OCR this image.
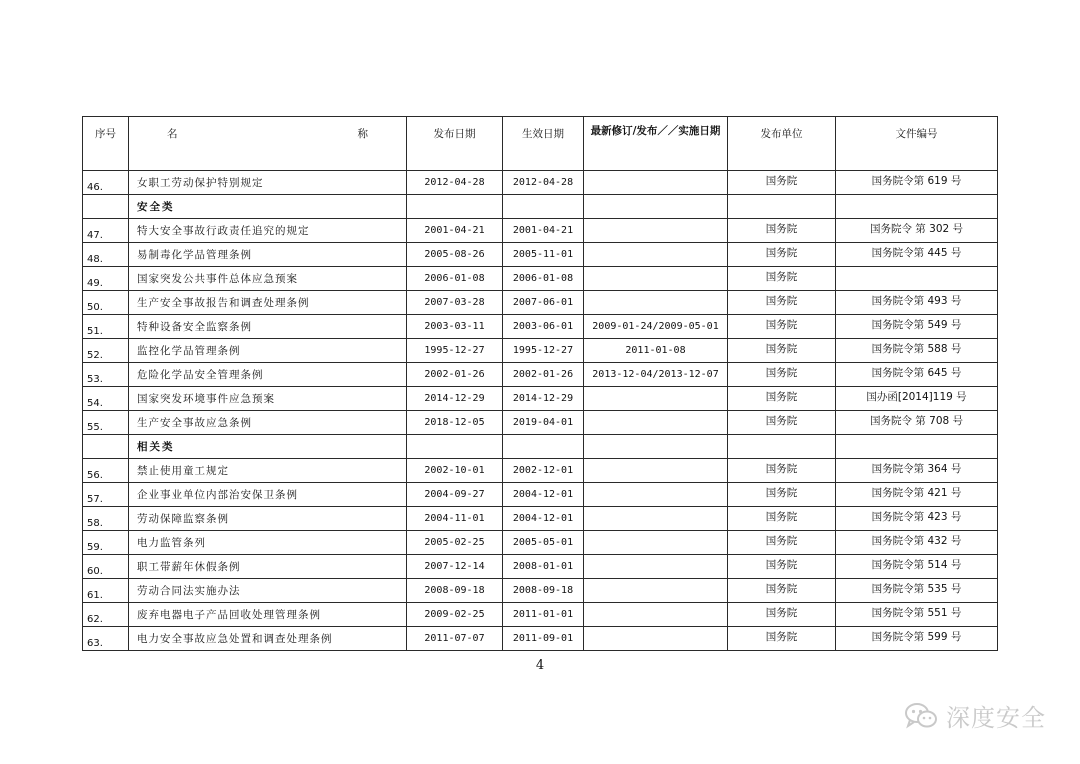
序号	名 称	发布日期	生效日期	最新修订/发布／／实施日期	发布单位	文件编号
46.	女职工劳动保护特别规定	2012-04-28	2012-04-28		国务院	国务院令第 619 号
	安全类					
47.	特大安全事故行政责任追究的规定	2001-04-21	2001-04-21		国务院	国务院令 第 302 号
48.	易制毒化学品管理条例	2005-08-26	2005-11-01		国务院	国务院令第 445 号
49.	国家突发公共事件总体应急预案	2006-01-08	2006-01-08		国务院	
50.	生产安全事故报告和调查处理条例	2007-03-28	2007-06-01		国务院	国务院令第 493 号
51.	特种设备安全监察条例	2003-03-11	2003-06-01	2009-01-24/2009-05-01	国务院	国务院令第 549 号
52.	监控化学品管理条例	1995-12-27	1995-12-27	2011-01-08	国务院	国务院令第 588 号
53.	危险化学品安全管理条例	2002-01-26	2002-01-26	2013-12-04/2013-12-07	国务院	国务院令第 645 号
54.	国家突发环境事件应急预案	2014-12-29	2014-12-29		国务院	国办函[2014]119 号
55.	生产安全事故应急条例	2018-12-05	2019-04-01		国务院	国务院令 第 708 号
	相关类					
56.	禁止使用童工规定	2002-10-01	2002-12-01		国务院	国务院令第 364 号
57.	企业事业单位内部治安保卫条例	2004-09-27	2004-12-01		国务院	国务院令第 421 号
58.	劳动保障监察条例	2004-11-01	2004-12-01		国务院	国务院令第 423 号
59.	电力监管条列	2005-02-25	2005-05-01		国务院	国务院令第 432 号
60.	职工带薪年休假条例	2007-12-14	2008-01-01		国务院	国务院令第 514 号
61.	劳动合同法实施办法	2008-09-18	2008-09-18		国务院	国务院令第 535 号
62.	废弃电器电子产品回收处理管理条例	2009-02-25	2011-01-01		国务院	国务院令第 551 号
63.	电力安全事故应急处置和调查处理条例	2011-07-07	2011-09-01		国务院	国务院令第 599 号
4
深度安全
